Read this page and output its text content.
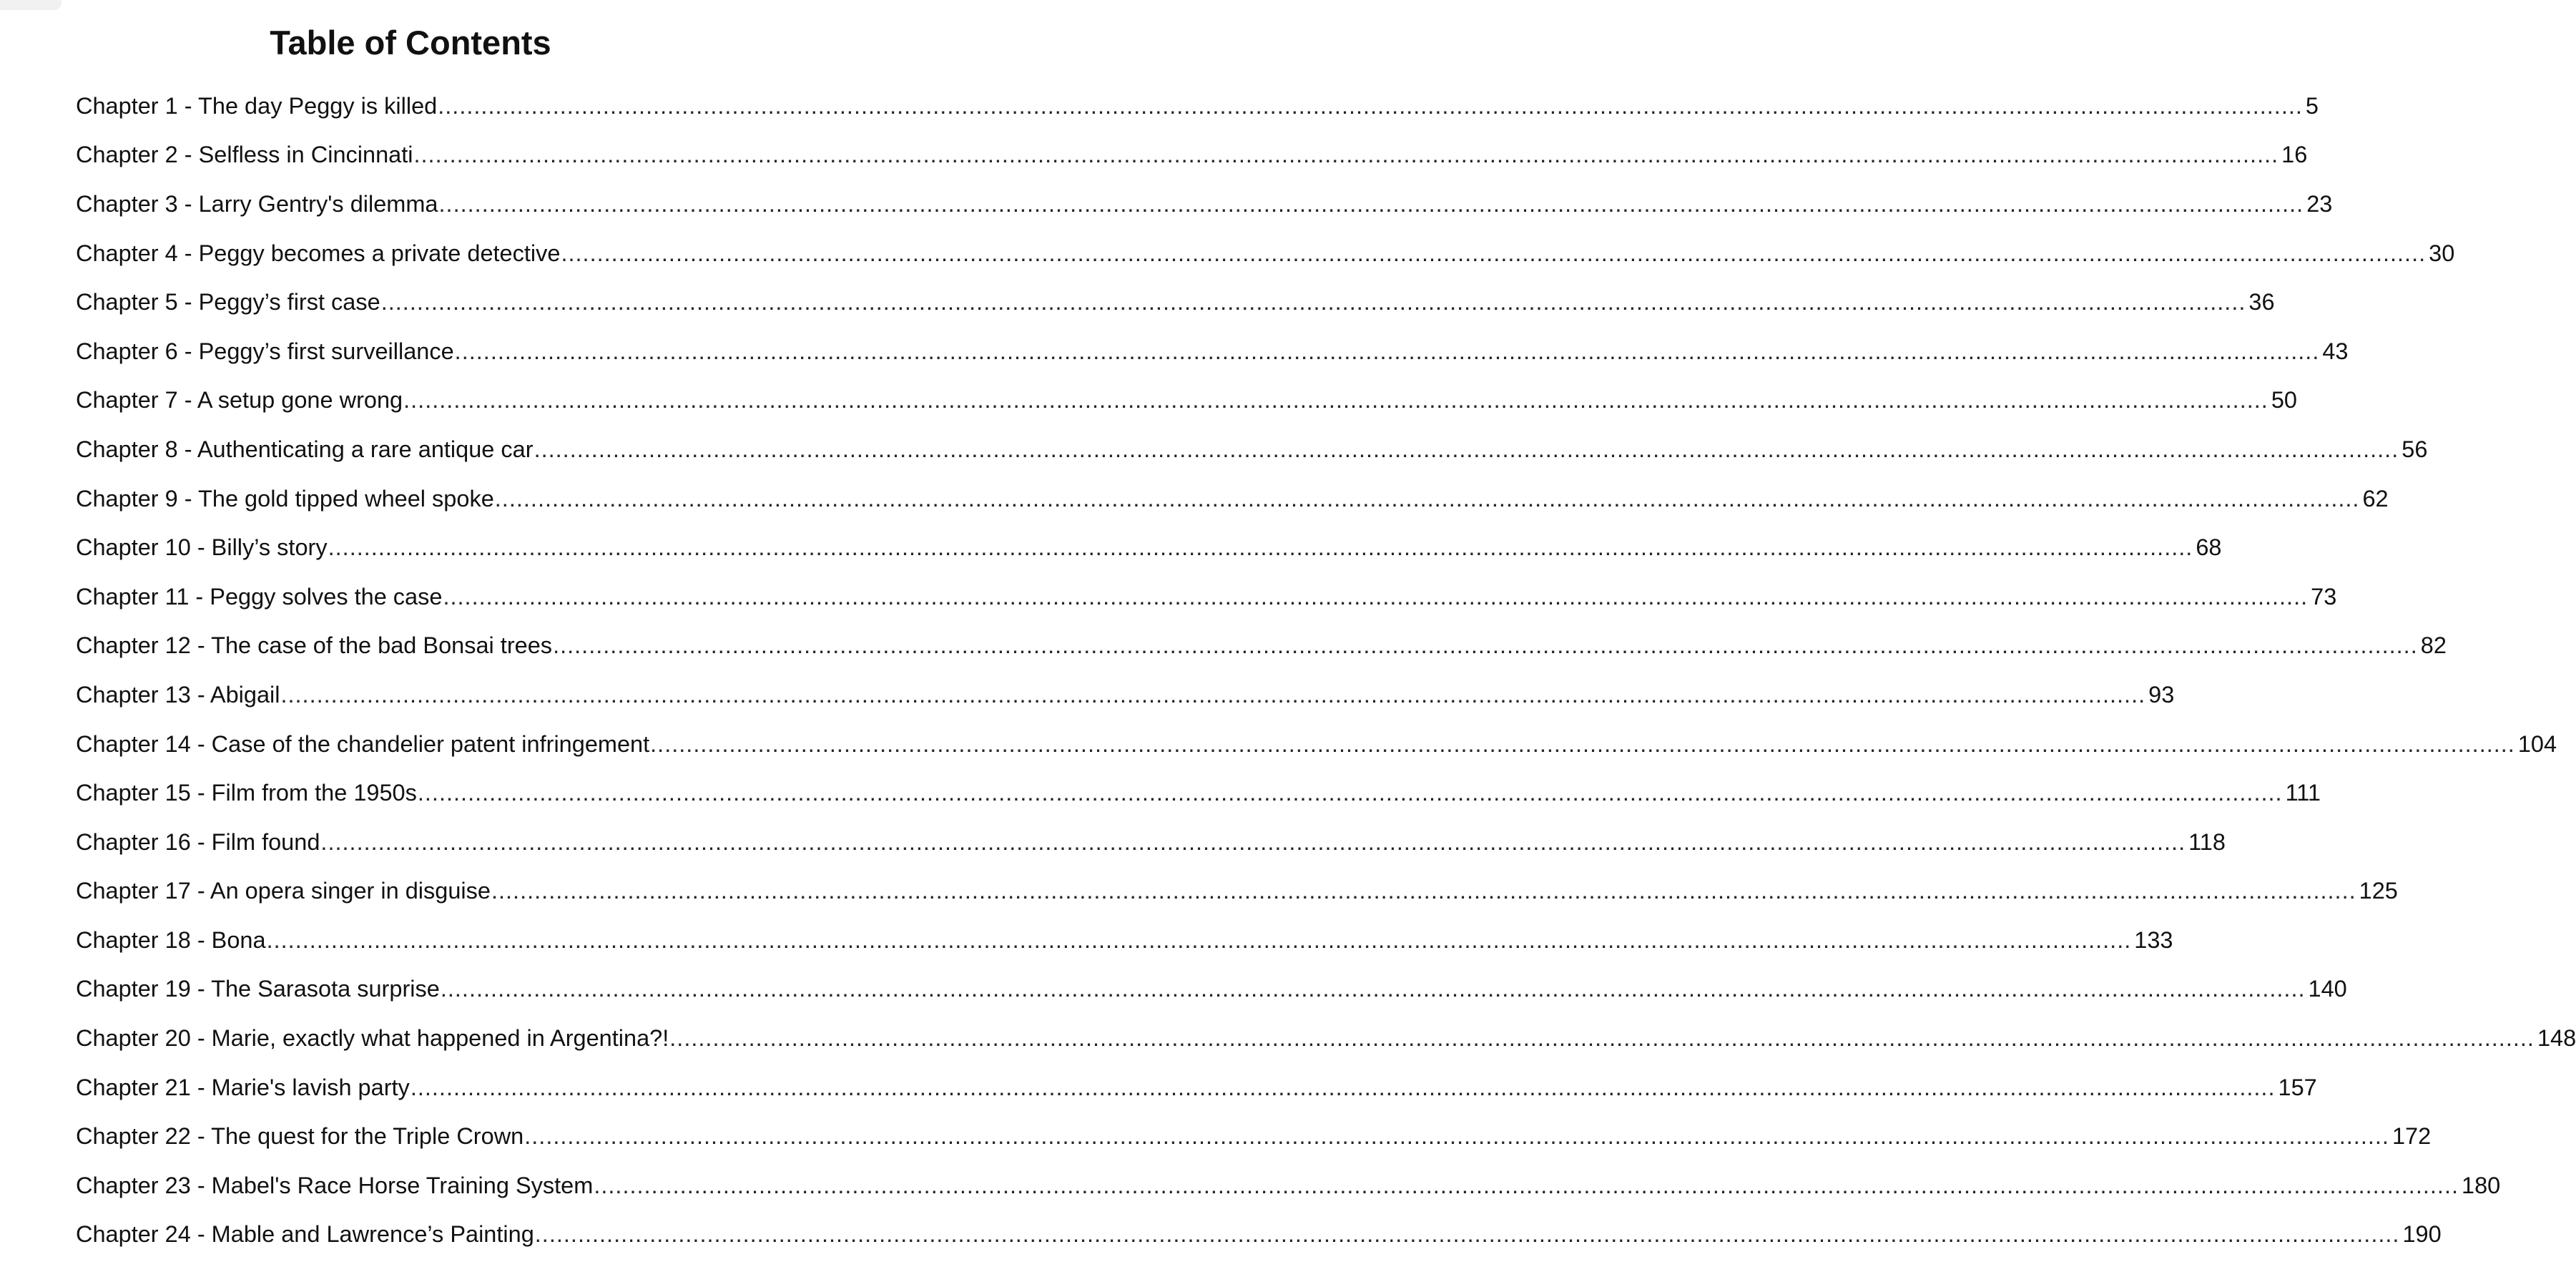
Table of Contents
Chapter 1 - The day Peggy is killed .................................................................................................................................................................................................................................................................... 5
Chapter 2 - Selfless in Cincinnati .................................................................................................................................................................................................................................................................... 16
Chapter 3 - Larry Gentry's dilemma .................................................................................................................................................................................................................................................................... 23
Chapter 4 - Peggy becomes a private detective .................................................................................................................................................................................................................................................................... 30
Chapter 5 - Peggy’s first case .................................................................................................................................................................................................................................................................... 36
Chapter 6 - Peggy’s first surveillance .................................................................................................................................................................................................................................................................... 43
Chapter 7 - A setup gone wrong .................................................................................................................................................................................................................................................................... 50
Chapter 8 - Authenticating a rare antique car .................................................................................................................................................................................................................................................................... 56
Chapter 9 - The gold tipped wheel spoke .................................................................................................................................................................................................................................................................... 62
Chapter 10 - Billy’s story .................................................................................................................................................................................................................................................................... 68
Chapter 11 - Peggy solves the case .................................................................................................................................................................................................................................................................... 73
Chapter 12 - The case of the bad Bonsai trees .................................................................................................................................................................................................................................................................... 82
Chapter 13 - Abigail .................................................................................................................................................................................................................................................................... 93
Chapter 14 - Case of the chandelier patent infringement .................................................................................................................................................................................................................................................................... 104
Chapter 15 - Film from the 1950s .................................................................................................................................................................................................................................................................... 111
Chapter 16 - Film found .................................................................................................................................................................................................................................................................... 118
Chapter 17 - An opera singer in disguise .................................................................................................................................................................................................................................................................... 125
Chapter 18 - Bona .................................................................................................................................................................................................................................................................... 133
Chapter 19 - The Sarasota surprise .................................................................................................................................................................................................................................................................... 140
Chapter 20 - Marie, exactly what happened in Argentina?! .................................................................................................................................................................................................................................................................... 148
Chapter 21 - Marie's lavish party .................................................................................................................................................................................................................................................................... 157
Chapter 22 - The quest for the Triple Crown .................................................................................................................................................................................................................................................................... 172
Chapter 23 - Mabel's Race Horse Training System .................................................................................................................................................................................................................................................................... 180
Chapter 24 - Mable and Lawrence’s Painting .................................................................................................................................................................................................................................................................... 190
